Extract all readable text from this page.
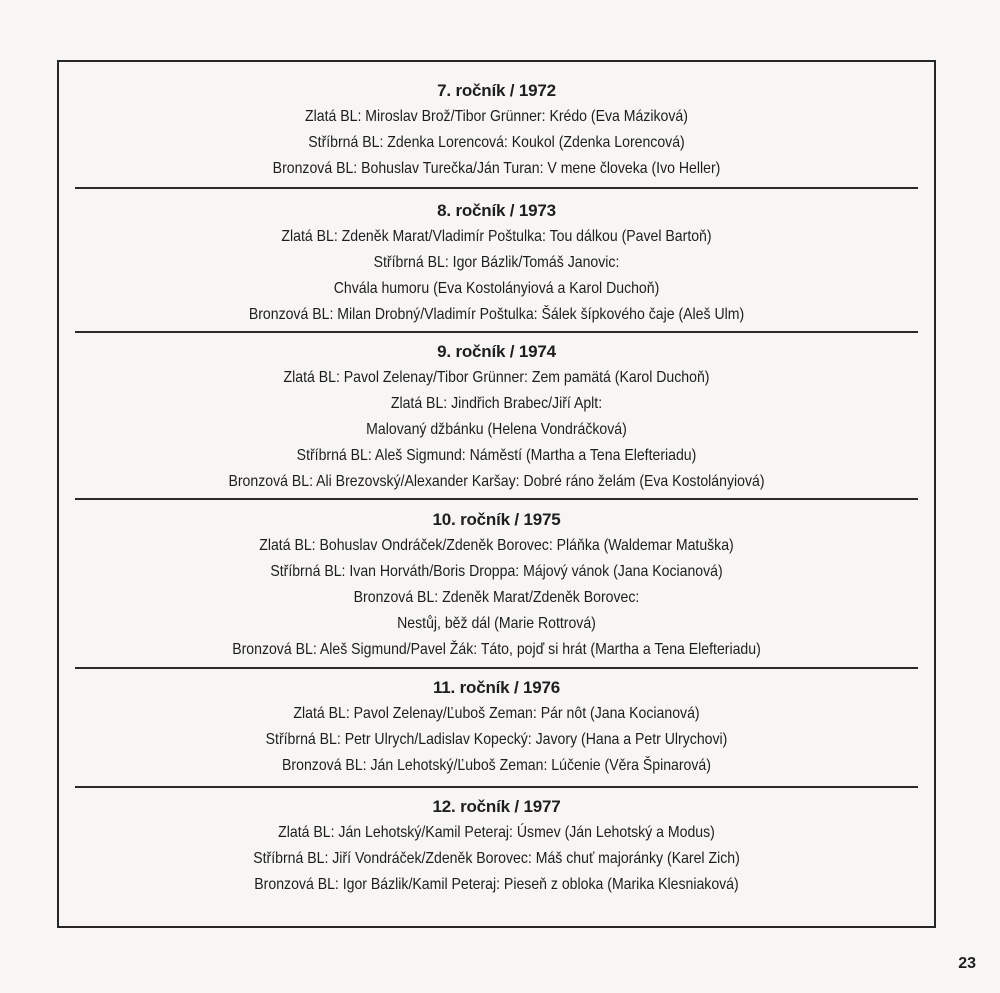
7. ročník / 1972
Zlatá BL: Miroslav Brož/Tibor Grünner: Krédo (Eva Máziková)
Stříbrná BL: Zdenka Lorencová: Koukol (Zdenka Lorencová)
Bronzová BL: Bohuslav Turečka/Ján Turan: V mene človeka (Ivo Heller)
8. ročník / 1973
Zlatá BL: Zdeněk Marat/Vladimír Poštulka: Tou dálkou (Pavel Bartoň)
Stříbrná BL: Igor Bázlik/Tomáš Janovic:
Chvála humoru (Eva Kostolányiová a Karol Duchoň)
Bronzová BL: Milan Drobný/Vladimír Poštulka: Šálek šípkového čaje (Aleš Ulm)
9. ročník / 1974
Zlatá BL: Pavol Zelenay/Tibor Grünner: Zem pamätá (Karol Duchoň)
Zlatá BL: Jindřich Brabec/Jiří Aplt:
Malovaný džbánku (Helena Vondráčková)
Stříbrná BL: Aleš Sigmund: Náměstí (Martha a Tena Elefteriadu)
Bronzová BL: Ali Brezovský/Alexander Karšay: Dobré ráno želám (Eva Kostolányiová)
10. ročník / 1975
Zlatá BL: Bohuslav Ondráček/Zdeněk Borovec: Pláňka (Waldemar Matuška)
Stříbrná BL: Ivan Horváth/Boris Droppa: Májový vánok (Jana Kocianová)
Bronzová BL: Zdeněk Marat/Zdeněk Borovec:
Nestůj, běž dál (Marie Rottrová)
Bronzová BL: Aleš Sigmund/Pavel Žák: Táto, pojď si hrát (Martha a Tena Elefteriadu)
11. ročník / 1976
Zlatá BL: Pavol Zelenay/Ľuboš Zeman: Pár nôt (Jana Kocianová)
Stříbrná BL: Petr Ulrych/Ladislav Kopecký: Javory (Hana a Petr Ulrychovi)
Bronzová BL: Ján Lehotský/Ľuboš Zeman: Lúčenie (Věra Špinarová)
12. ročník / 1977
Zlatá BL: Ján Lehotský/Kamil Peteraj: Úsmev (Ján Lehotský a Modus)
Stříbrná BL: Jiří Vondráček/Zdeněk Borovec: Máš chuť majoránky (Karel Zich)
Bronzová BL: Igor Bázlik/Kamil Peteraj: Pieseň z obloka (Marika Klesniaková)
23
